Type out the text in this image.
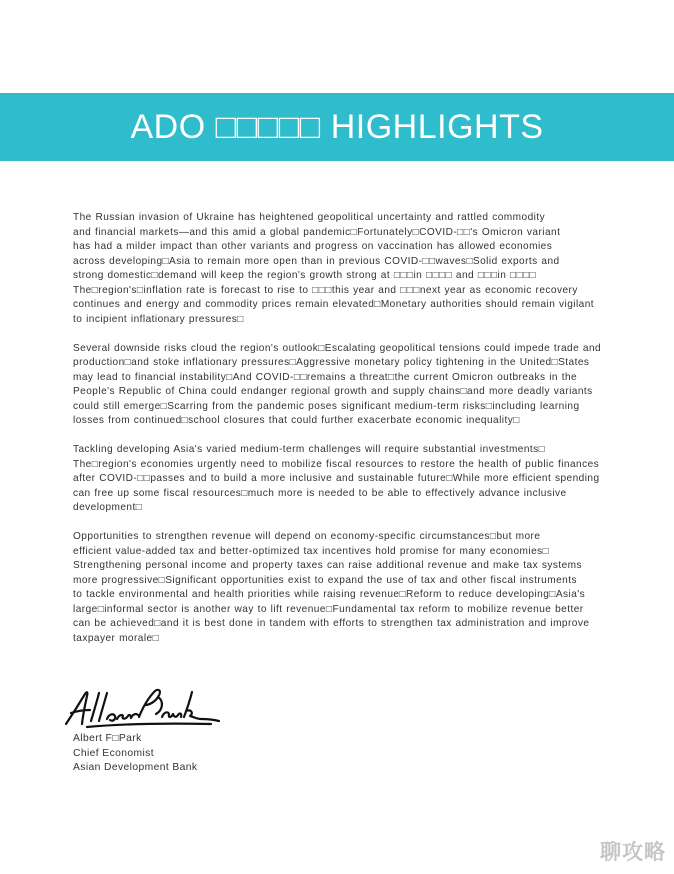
ADO □□□□□ HIGHLIGHTS

The Russian invasion of Ukraine has heightened geopolitical uncertainty and rattled commodity
and financial markets—and this amid a global pandemic□Fortunately□COVID-□□'s Omicron variant
has had a milder impact than other variants and progress on vaccination has allowed economies
across developing□Asia to remain more open than in previous COVID-□□waves□Solid exports and
strong domestic□demand will keep the region's growth strong at □□□in □□□□ and □□□in □□□□
The□region's□inflation rate is forecast to rise to □□□this year and □□□next year as economic recovery
continues and energy and commodity prices remain elevated□Monetary authorities should remain vigilant
to incipient inflationary pressures□

Several downside risks cloud the region's outlook□Escalating geopolitical tensions could impede trade and
production□and stoke inflationary pressures□Aggressive monetary policy tightening in the United□States
may lead to financial instability□And COVID-□□remains a threat□the current Omicron outbreaks in the
People's Republic of China could endanger regional growth and supply chains□and more deadly variants
could still emerge□Scarring from the pandemic poses significant medium-term risks□including learning
losses from continued□school closures that could further exacerbate economic inequality□

Tackling developing Asia's varied medium-term challenges will require substantial investments□
The□region's economies urgently need to mobilize fiscal resources to restore the health of public finances
after COVID-□□passes and to build a more inclusive and sustainable future□While more efficient spending
can free up some fiscal resources□much more is needed to be able to effectively advance inclusive
development□

Opportunities to strengthen revenue will depend on economy-specific circumstances□but more
efficient value-added tax and better-optimized tax incentives hold promise for many economies□
Strengthening personal income and property taxes can raise additional revenue and make tax systems
more progressive□Significant opportunities exist to expand the use of tax and other fiscal instruments
to tackle environmental and health priorities while raising revenue□Reform to reduce developing□Asia's
large□informal sector is another way to lift revenue□Fundamental tax reform to mobilize revenue better
can be achieved□and it is best done in tandem with efforts to strengthen tax administration and improve
taxpayer morale□

Albert F□Park
Chief Economist
Asian Development Bank
聊攻略
